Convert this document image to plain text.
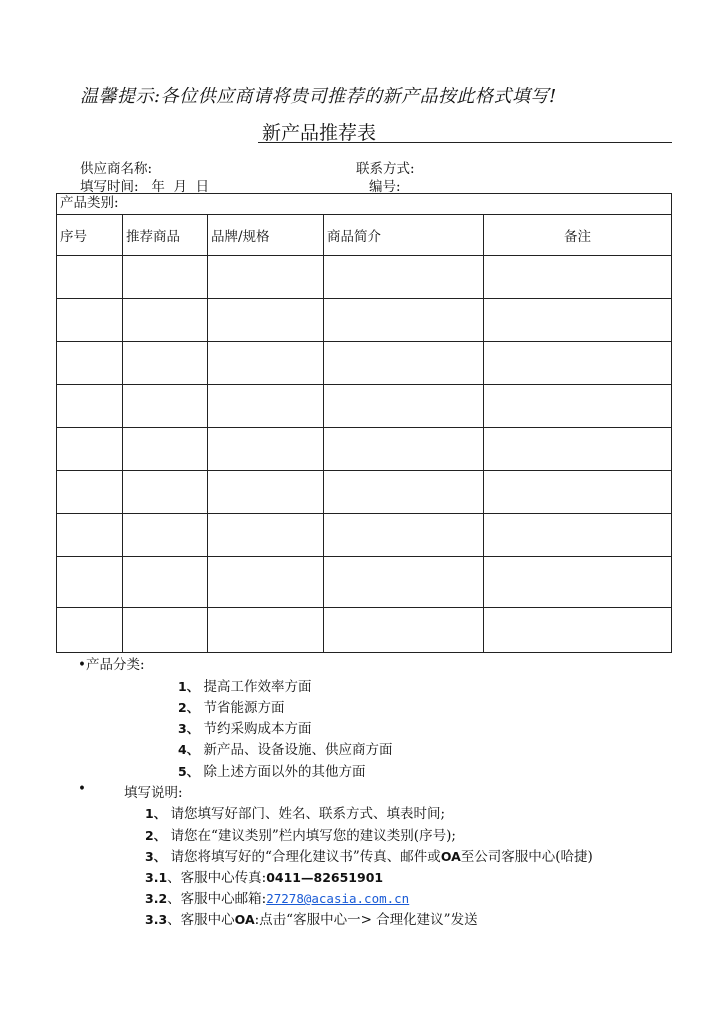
温馨提示:各位供应商请将贵司推荐的新产品按此格式填写!
新产品推荐表
供应商名称:	联系方式:
填写时间:   年  月  日	编号:
产品类别:				
序号	推荐商品	品牌/规格	商品简介	备注

•产品分类:
1、 提高工作效率方面
2、 节省能源方面
3、 节约采购成本方面
4、 新产品、设备设施、供应商方面
5、 除上述方面以外的其他方面
•	填写说明:
1、 请您填写好部门、姓名、联系方式、填表时间;
2、 请您在“建议类别”栏内填写您的建议类别(序号);
3、 请您将填写好的“合理化建议书”传真、邮件或OA至公司客服中心(哈捷)
3.1、客服中心传真:0411—82651901
3.2、客服中心邮箱:27278@acasia.com.cn
3.3、客服中心OA:点击“客服中心一> 合理化建议”发送
